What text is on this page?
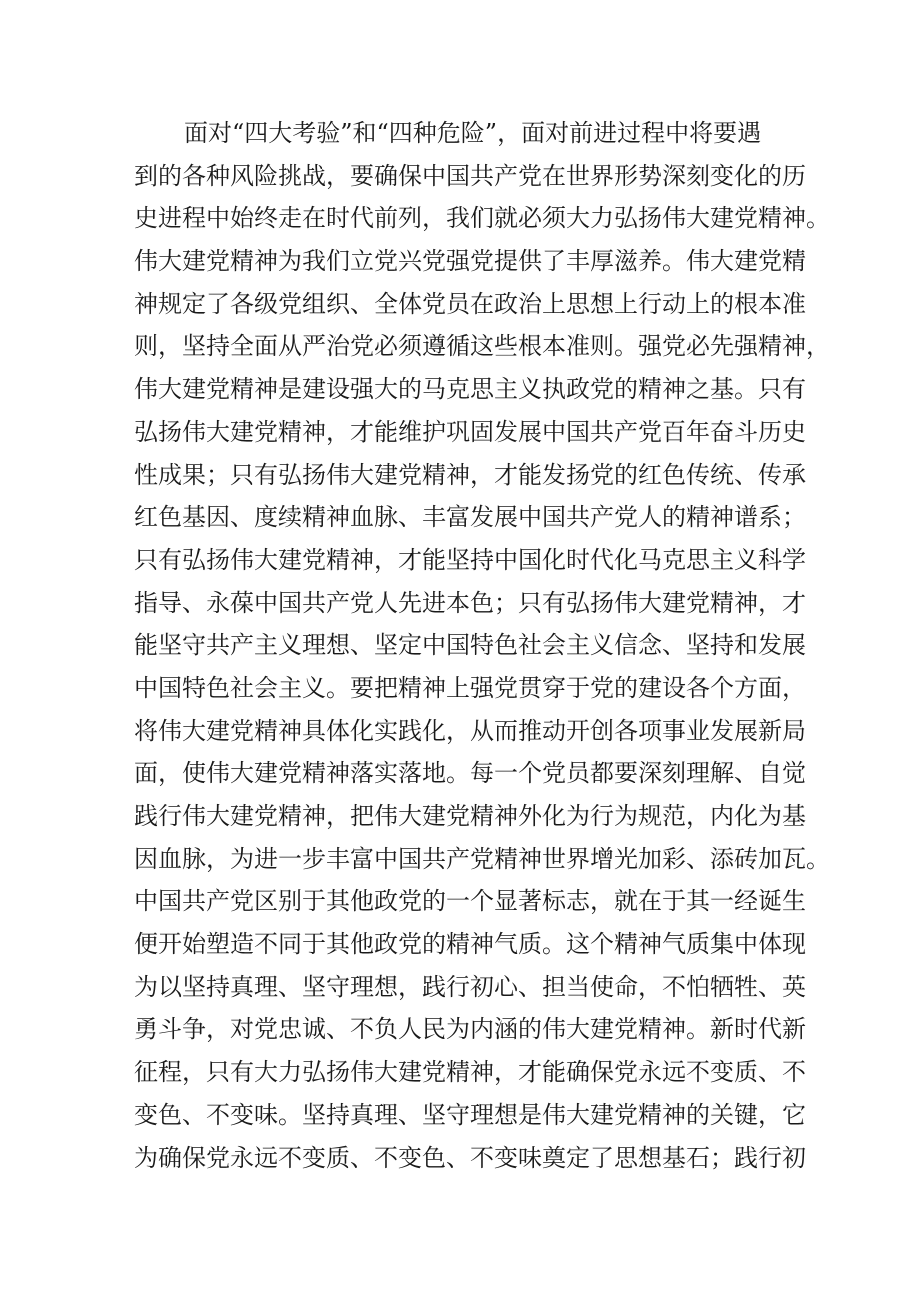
面对“四大考验”和“四种危险”，面对前进过程中将要遇
到的各种风险挑战，要确保中国共产党在世界形势深刻变化的历
史进程中始终走在时代前列，我们就必须大力弘扬伟大建党精神。
伟大建党精神为我们立党兴党强党提供了丰厚滋养。伟大建党精
神规定了各级党组织、全体党员在政治上思想上行动上的根本准
则，坚持全面从严治党必须遵循这些根本准则。强党必先强精神，
伟大建党精神是建设强大的马克思主义执政党的精神之基。只有
弘扬伟大建党精神，才能维护巩固发展中国共产党百年奋斗历史
性成果；只有弘扬伟大建党精神，才能发扬党的红色传统、传承
红色基因、度续精神血脉、丰富发展中国共产党人的精神谱系；
只有弘扬伟大建党精神，才能坚持中国化时代化马克思主义科学
指导、永葆中国共产党人先进本色；只有弘扬伟大建党精神，才
能坚守共产主义理想、坚定中国特色社会主义信念、坚持和发展
中国特色社会主义。要把精神上强党贯穿于党的建设各个方面，
将伟大建党精神具体化实践化，从而推动开创各项事业发展新局
面，使伟大建党精神落实落地。每一个党员都要深刻理解、自觉
践行伟大建党精神，把伟大建党精神外化为行为规范，内化为基
因血脉，为进一步丰富中国共产党精神世界增光加彩、添砖加瓦。
中国共产党区别于其他政党的一个显著标志，就在于其一经诞生
便开始塑造不同于其他政党的精神气质。这个精神气质集中体现
为以坚持真理、坚守理想，践行初心、担当使命，不怕牺牲、英
勇斗争，对党忠诚、不负人民为内涵的伟大建党精神。新时代新
征程，只有大力弘扬伟大建党精神，才能确保党永远不变质、不
变色、不变味。坚持真理、坚守理想是伟大建党精神的关键，它
为确保党永远不变质、不变色、不变味奠定了思想基石；践行初
